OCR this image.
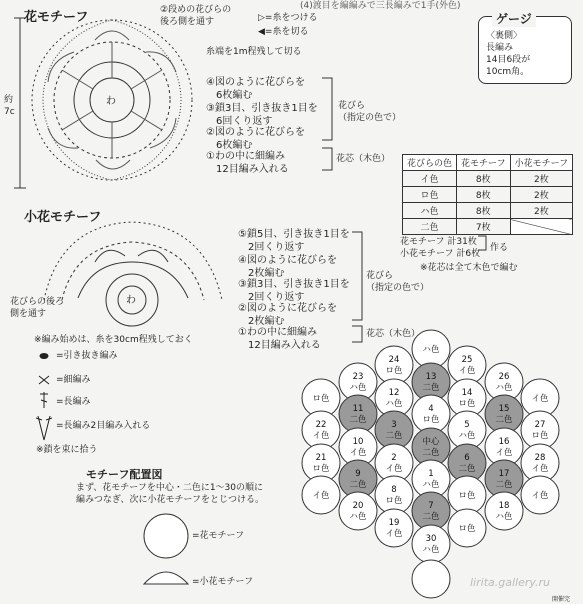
ハ色
24
ロ色
25
イ色
23
ハ色
13
二色
26
ハ色
ロ色
12
ハ色
14
ロ色	イ色
11
二色
4
ロ色
15
二色
22
イ色
3
二色
5
ハ色
27
ロ色
10
イ色
中心
二色
16
イ色
21
ロ色
2
イ色
6
二色
28
イ色
9
二色
1
ハ色
17
二色
イ色
8
ロ色	ロ色	イ色
20
ハ色
7
二色
18
ハ色
19
イ色	ロ色
30
ハ色
(4)渡目を編編みで三長編みで1手(外色)
花モチーフ	②段めの花びらの
後ろ側を通す	▷=糸をつける
◀=糸を切る
糸端を1m程残して切る
約
7c
わ
④図のように花びらを
　6枚編む
③鎖3目、引き抜き1目を
　6回くり返す
②図のように花びらを
　6枚編む
①わの中に細編み
　12目編み入れる
花びら
（指定の色で）
花芯（木色）
ゲージ
〈裏側〉
長編み
14目6段が
10cm角。
花びらの色	花モチーフ	小花モチーフ
イ色	8枚	2枚
ロ色	8枚	2枚
ハ色	8枚	2枚
二色	7枚	
花モチーフ 計31枚
小花モチーフ 計6枚
作る
※花芯は全て木色で編む
小花モチーフ
⑤鎖5目、引き抜き1目を
　2回くり返す
④図のように花びらを
　2枚編む
③鎖3目、引き抜き1目を
　2回くり返す
②図のように花びらを
　2枚編む
①わの中に細編み
　12目編み入れる
花びら
（指定の色で）
花芯（木色）
花びらの後ろ
側を通す
※編み始めは、糸を30cm程残しておく
わ
=引き抜き編み
=細編み
=長編み
=長編み2目編み入れる
※鎖を束に拾う
モチーフ配置図
まず、花モチーフを中心・二色に1〜30の順に
編みつなぎ、次に小花モチーフをとじつける。
=花モチーフ
=小花モチーフ	lirita.gallery.ru
開催完
